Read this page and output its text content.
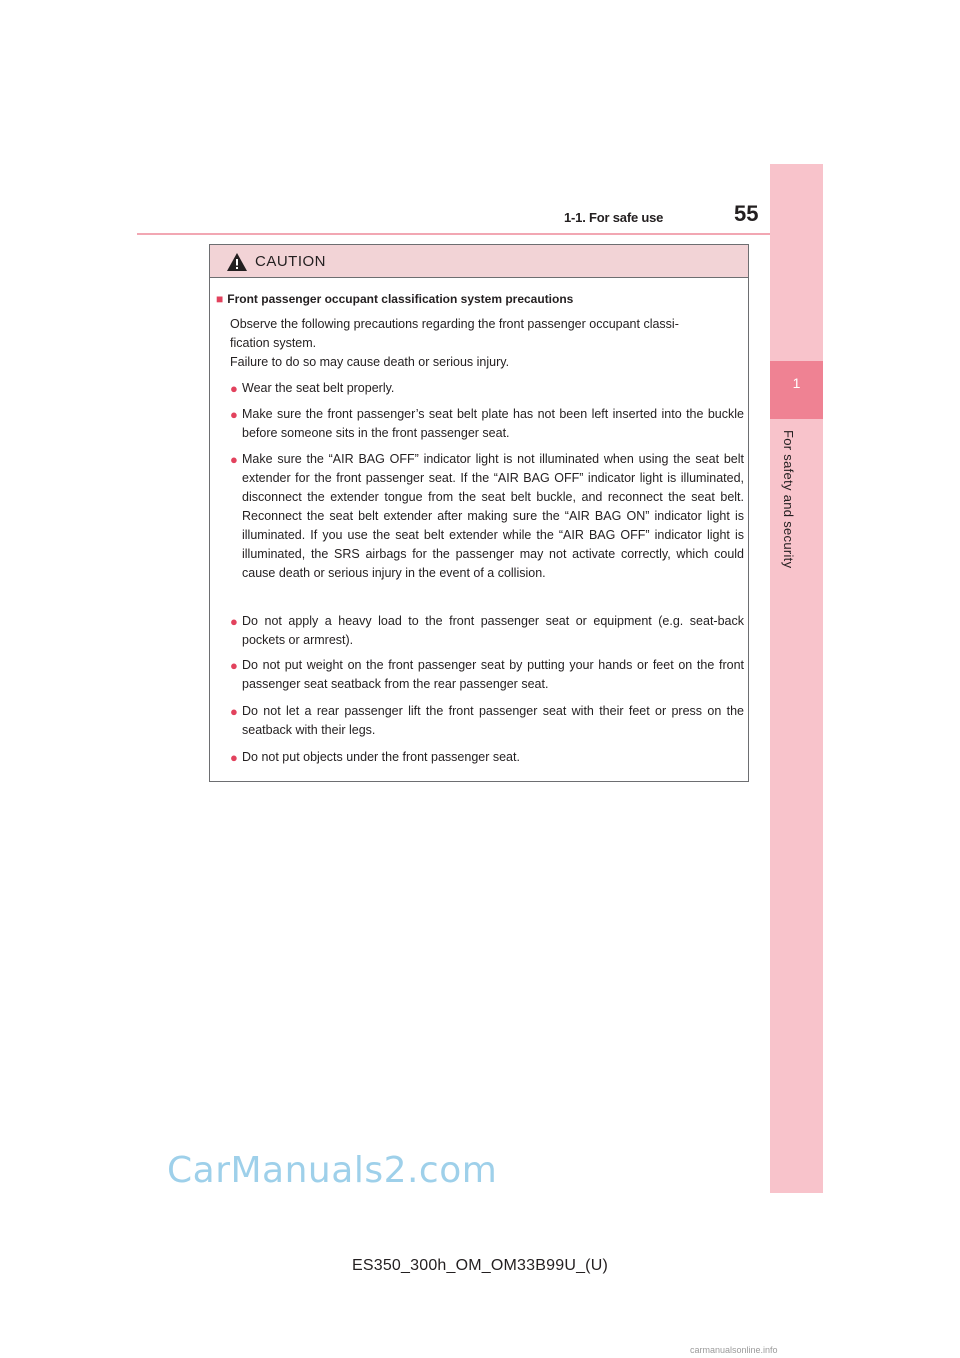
1-1. For safe use	55
1
For safety and security
CAUTION
■ Front passenger occupant classification system precautions
Observe the following precautions regarding the front passenger occupant classi-
fication system.
Failure to do so may cause death or serious injury.
● Wear the seat belt properly.
● Make sure the front passenger’s seat belt plate has not been left inserted into the buckle before someone sits in the front passenger seat.
● Make sure the “AIR BAG OFF” indicator light is not illuminated when using the seat belt extender for the front passenger seat. If the “AIR BAG OFF” indicator light is illuminated, disconnect the extender tongue from the seat belt buckle, and reconnect the seat belt. Reconnect the seat belt extender after making sure the “AIR BAG ON” indicator light is illuminated. If you use the seat belt extender while the “AIR BAG OFF” indicator light is illuminated, the SRS airbags for the passenger may not activate correctly, which could cause death or serious injury in the event of a collision.
● Do not apply a heavy load to the front passenger seat or equipment (e.g. seat-back pockets or armrest).
● Do not put weight on the front passenger seat by putting your hands or feet on the front passenger seat seatback from the rear passenger seat.
● Do not let a rear passenger lift the front passenger seat with their feet or press on the seatback with their legs.
● Do not put objects under the front passenger seat.
CarManuals2.com
ES350_300h_OM_OM33B99U_(U)
carmanualsonline.info
